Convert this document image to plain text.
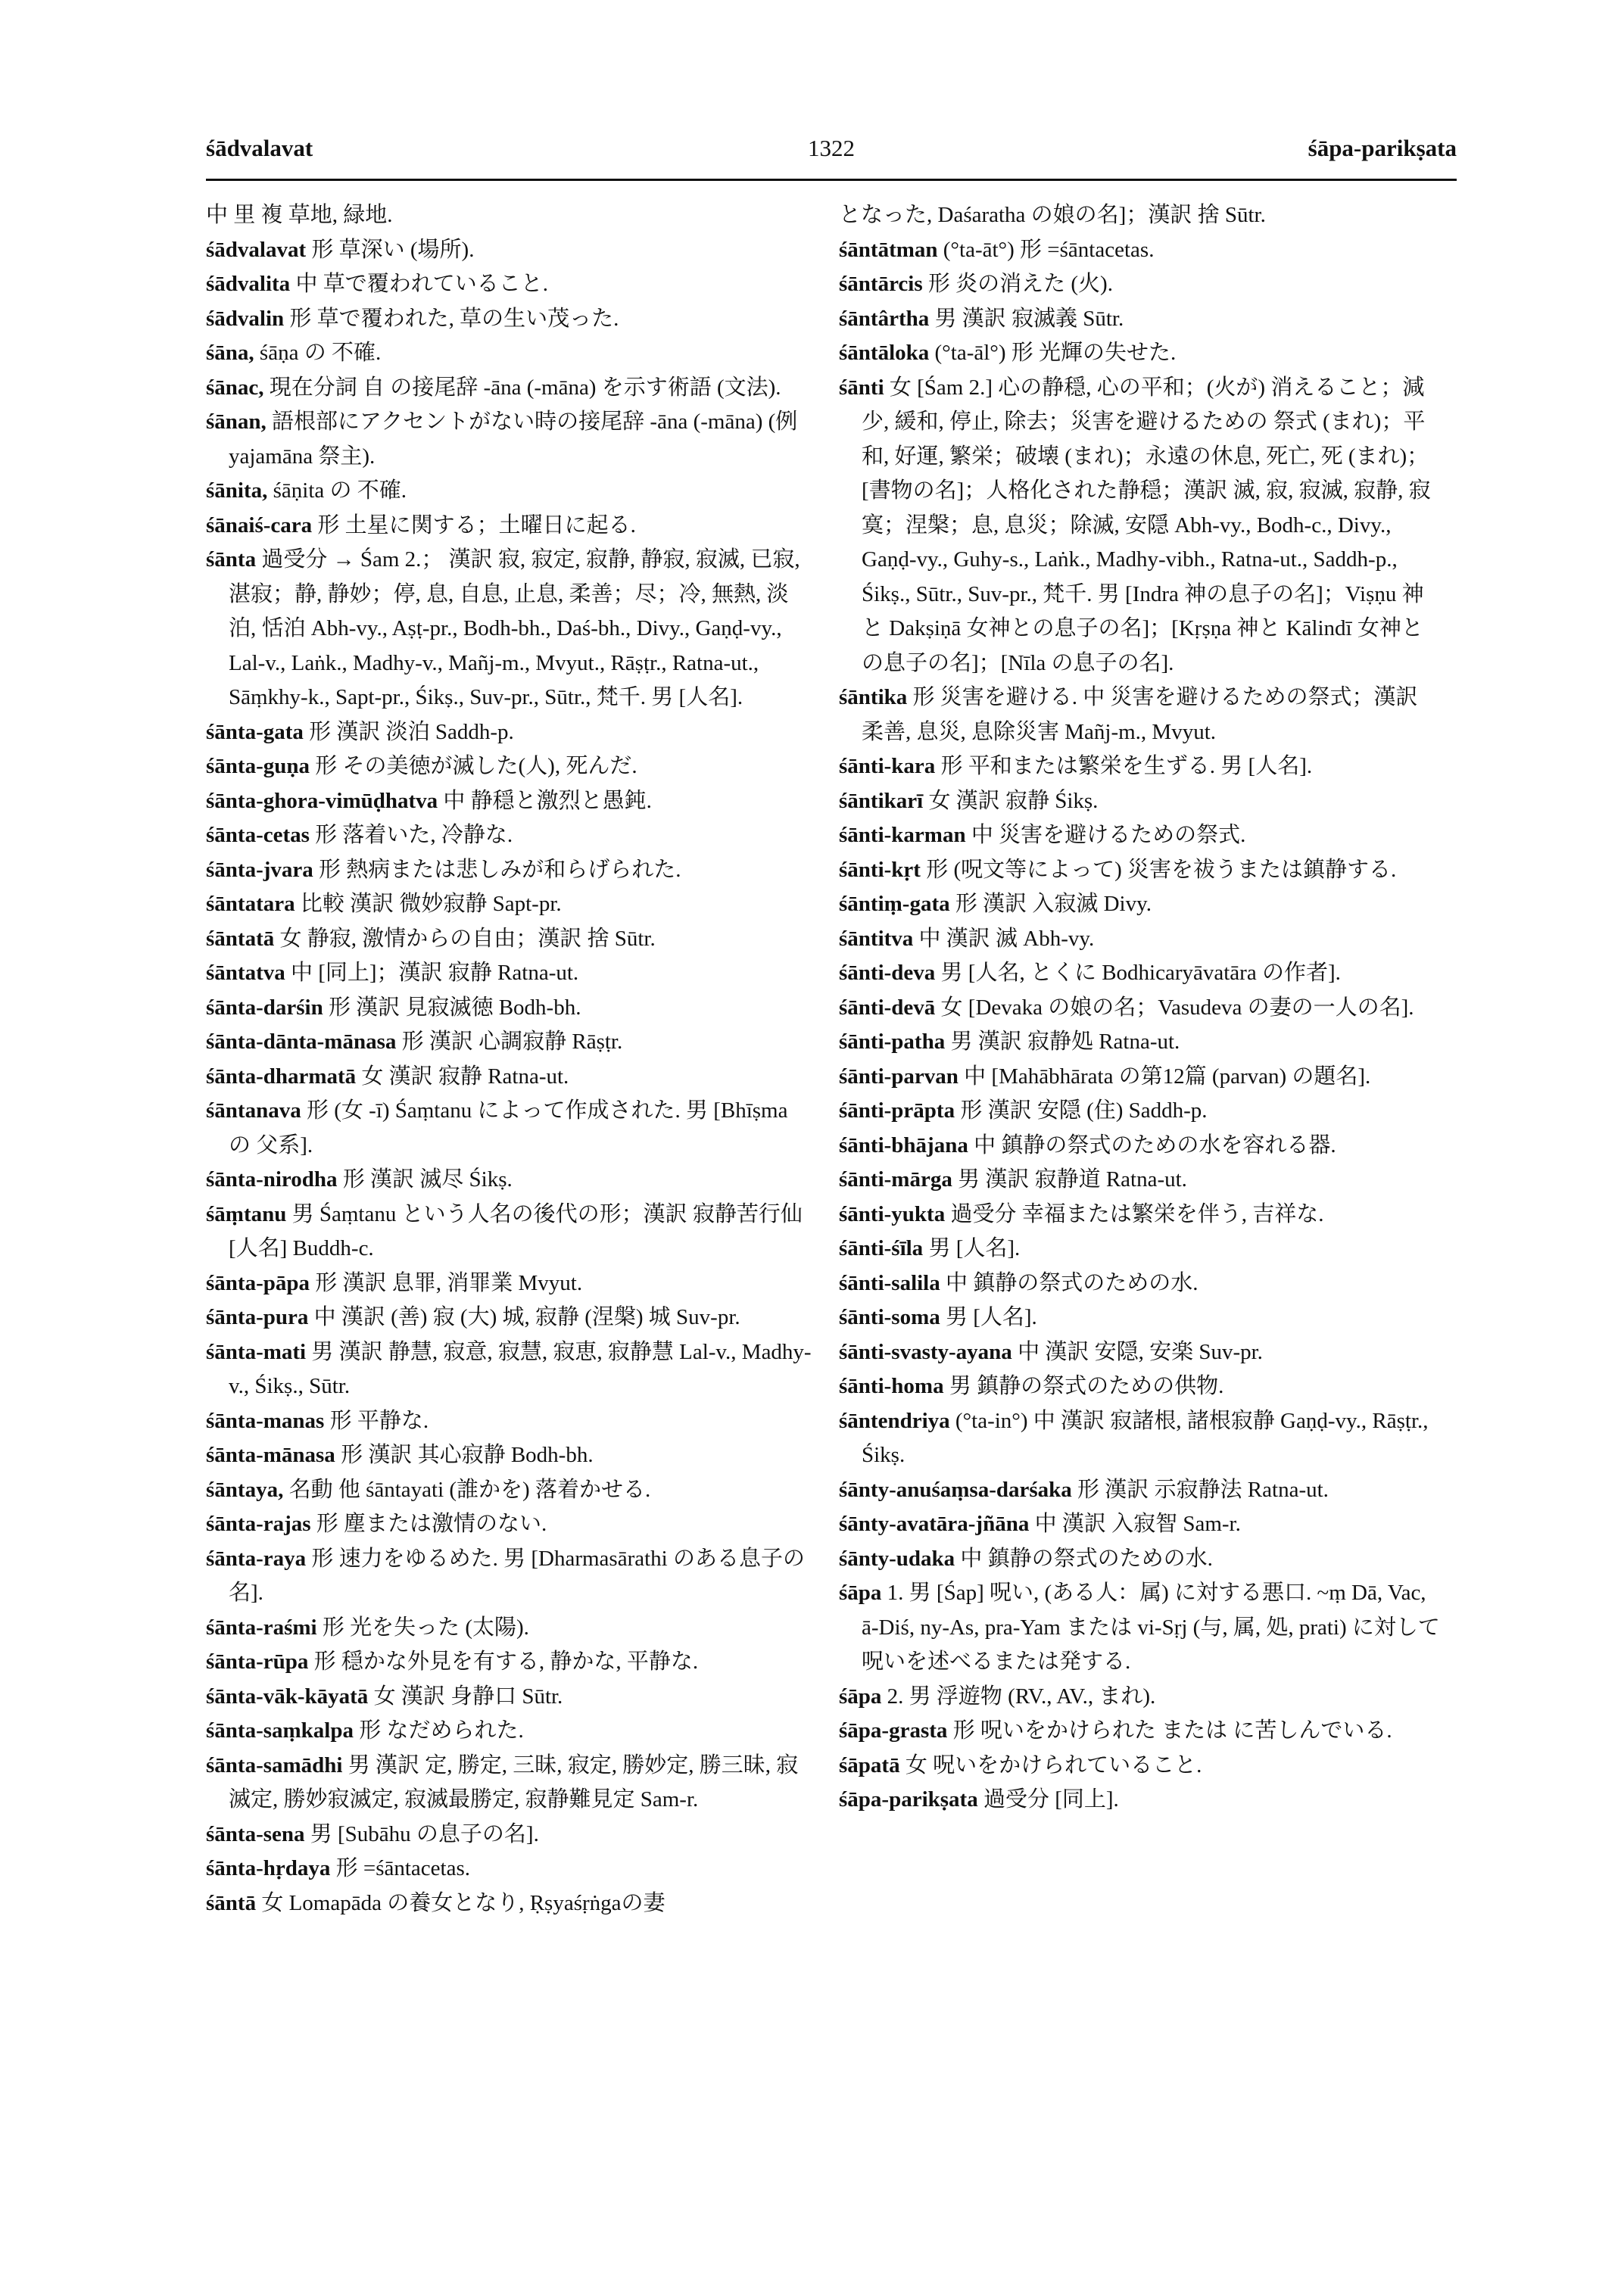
śādvalavat	1322	śāpa-parikṣata
中 里 複 草地, 緑地.
śādvalavat 形 草深い (場所).
śādvalita 中 草で覆われていること.
śādvalin 形 草で覆われた, 草の生い茂った.
śāna, śāṇa の 不確.
śānac, 現在分詞 自 の接尾辞 -āna (-māna) を示す術語 (文法).
śānan, 語根部にアクセントがない時の接尾辞 -āna (-māna) (例 yajamāna 祭主).
śānita, śāṇita の 不確.
śānaiś-cara 形 土星に関する；土曜日に起る.
śānta 過受分 → Śam 2.； 漢訳 寂, 寂定, 寂静, 静寂, 寂滅, 已寂, 湛寂；静, 静妙；停, 息, 自息, 止息, 柔善；尽；冷, 無熱, 淡泊, 恬泊 Abh-vy., Aṣṭ-pr., Bodh-bh., Daś-bh., Divy., Gaṇḍ-vy., Lal-v., Laṅk., Madhy-v., Mañj-m., Mvyut., Rāṣṭr., Ratna-ut., Sāṃkhy-k., Sapt-pr., Śikṣ., Suv-pr., Sūtr., 梵千. 男 [人名].
śānta-gata 形 漢訳 淡泊 Saddh-p.
śānta-guṇa 形 その美徳が滅した(人), 死んだ.
śānta-ghora-vimūḍhatva 中 静穏と激烈と愚鈍.
śānta-cetas 形 落着いた, 冷静な.
śānta-jvara 形 熱病または悲しみが和らげられた.
śāntatara 比較 漢訳 微妙寂静 Sapt-pr.
śāntatā 女 静寂, 激情からの自由；漢訳 捨 Sūtr.
śāntatva 中 [同上]；漢訳 寂静 Ratna-ut.
śānta-darśin 形 漢訳 見寂滅徳 Bodh-bh.
śānta-dānta-mānasa 形 漢訳 心調寂静 Rāṣṭr.
śānta-dharmatā 女 漢訳 寂静 Ratna-ut.
śāntanava 形 (女 -ī) Śaṃtanu によって作成された. 男 [Bhīṣma の 父系].
śānta-nirodha 形 漢訳 滅尽 Śikṣ.
śāṃtanu 男 Śaṃtanu という人名の後代の形；漢訳 寂静苦行仙 [人名] Buddh-c.
śānta-pāpa 形 漢訳 息罪, 消罪業 Mvyut.
śānta-pura 中 漢訳 (善) 寂 (大) 城, 寂静 (涅槃) 城 Suv-pr.
śānta-mati 男 漢訳 静慧, 寂意, 寂慧, 寂恵, 寂静慧 Lal-v., Madhy-v., Śikṣ., Sūtr.
śānta-manas 形 平静な.
śānta-mānasa 形 漢訳 其心寂静 Bodh-bh.
śāntaya, 名動 他 śāntayati (誰かを) 落着かせる.
śānta-rajas 形 塵または激情のない.
śānta-raya 形 速力をゆるめた. 男 [Dharmasārathi のある息子の名].
śānta-raśmi 形 光を失った (太陽).
śānta-rūpa 形 穏かな外見を有する, 静かな, 平静な.
śānta-vāk-kāyatā 女 漢訳 身静口 Sūtr.
śānta-saṃkalpa 形 なだめられた.
śānta-samādhi 男 漢訳 定, 勝定, 三昧, 寂定, 勝妙定, 勝三昧, 寂滅定, 勝妙寂滅定, 寂滅最勝定, 寂静難見定 Sam-r.
śānta-sena 男 [Subāhu の息子の名].
śānta-hṛdaya 形 =śāntacetas.
śāntā 女 Lomapāda の養女となり, Ṛṣyaśṛṅgaの妻
となった, Daśaratha の娘の名]；漢訳 捨 Sūtr.
śāntātman (°ta-āt°) 形 =śāntacetas.
śāntārcis 形 炎の消えた (火).
śāntârtha 男 漢訳 寂滅義 Sūtr.
śāntāloka (°ta-āl°) 形 光輝の失せた.
śānti 女 [Śam 2.] 心の静穏, 心の平和；(火が) 消えること；減少, 緩和, 停止, 除去；災害を避けるための 祭式 (まれ)；平和, 好運, 繁栄；破壊 (まれ)；永遠の休息, 死亡, 死 (まれ)；[書物の名]；人格化された静穏；漢訳 滅, 寂, 寂滅, 寂静, 寂寞；涅槃；息, 息災；除滅, 安隠 Abh-vy., Bodh-c., Divy., Gaṇḍ-vy., Guhy-s., Laṅk., Madhy-vibh., Ratna-ut., Saddh-p., Śikṣ., Sūtr., Suv-pr., 梵千. 男 [Indra 神の息子の名]；Viṣṇu 神 と Dakṣiṇā 女神との息子の名]；[Kṛṣṇa 神と Kālindī 女神との息子の名]；[Nīla の息子の名].
śāntika 形 災害を避ける. 中 災害を避けるための祭式；漢訳 柔善, 息災, 息除災害 Mañj-m., Mvyut.
śānti-kara 形 平和または繁栄を生ずる. 男 [人名].
śāntikarī 女 漢訳 寂静 Śikṣ.
śānti-karman 中 災害を避けるための祭式.
śānti-kṛt 形 (呪文等によって) 災害を祓うまたは鎮静する.
śāntiṃ-gata 形 漢訳 入寂滅 Divy.
śāntitva 中 漢訳 滅 Abh-vy.
śānti-deva 男 [人名, とくに Bodhicaryāvatāra の作者].
śānti-devā 女 [Devaka の娘の名；Vasudeva の妻の一人の名].
śānti-patha 男 漢訳 寂静処 Ratna-ut.
śānti-parvan 中 [Mahābhārata の第12篇 (parvan) の題名].
śānti-prāpta 形 漢訳 安隠 (住) Saddh-p.
śānti-bhājana 中 鎮静の祭式のための水を容れる器.
śānti-mārga 男 漢訳 寂静道 Ratna-ut.
śānti-yukta 過受分 幸福または繁栄を伴う, 吉祥な.
śānti-śīla 男 [人名].
śānti-salila 中 鎮静の祭式のための水.
śānti-soma 男 [人名].
śānti-svasty-ayana 中 漢訳 安隠, 安楽 Suv-pr.
śānti-homa 男 鎮静の祭式のための供物.
śāntendriya (°ta-in°) 中 漢訳 寂諸根, 諸根寂静 Gaṇḍ-vy., Rāṣṭr., Śikṣ.
śānty-anuśaṃsa-darśaka 形 漢訳 示寂静法 Ratna-ut.
śānty-avatāra-jñāna 中 漢訳 入寂智 Sam-r.
śānty-udaka 中 鎮静の祭式のための水.
śāpa 1. 男 [Śap] 呪い, (ある人：属) に対する悪口. ~ṃ Dā, Vac, ā-Diś, ny-As, pra-Yam または vi-Sṛj (与, 属, 処, prati) に対して呪いを述べるまたは発する.
śāpa 2. 男 浮遊物 (RV., AV., まれ).
śāpa-grasta 形 呪いをかけられた または に苦しんでいる.
śāpatā 女 呪いをかけられていること.
śāpa-parikṣata 過受分 [同上].
